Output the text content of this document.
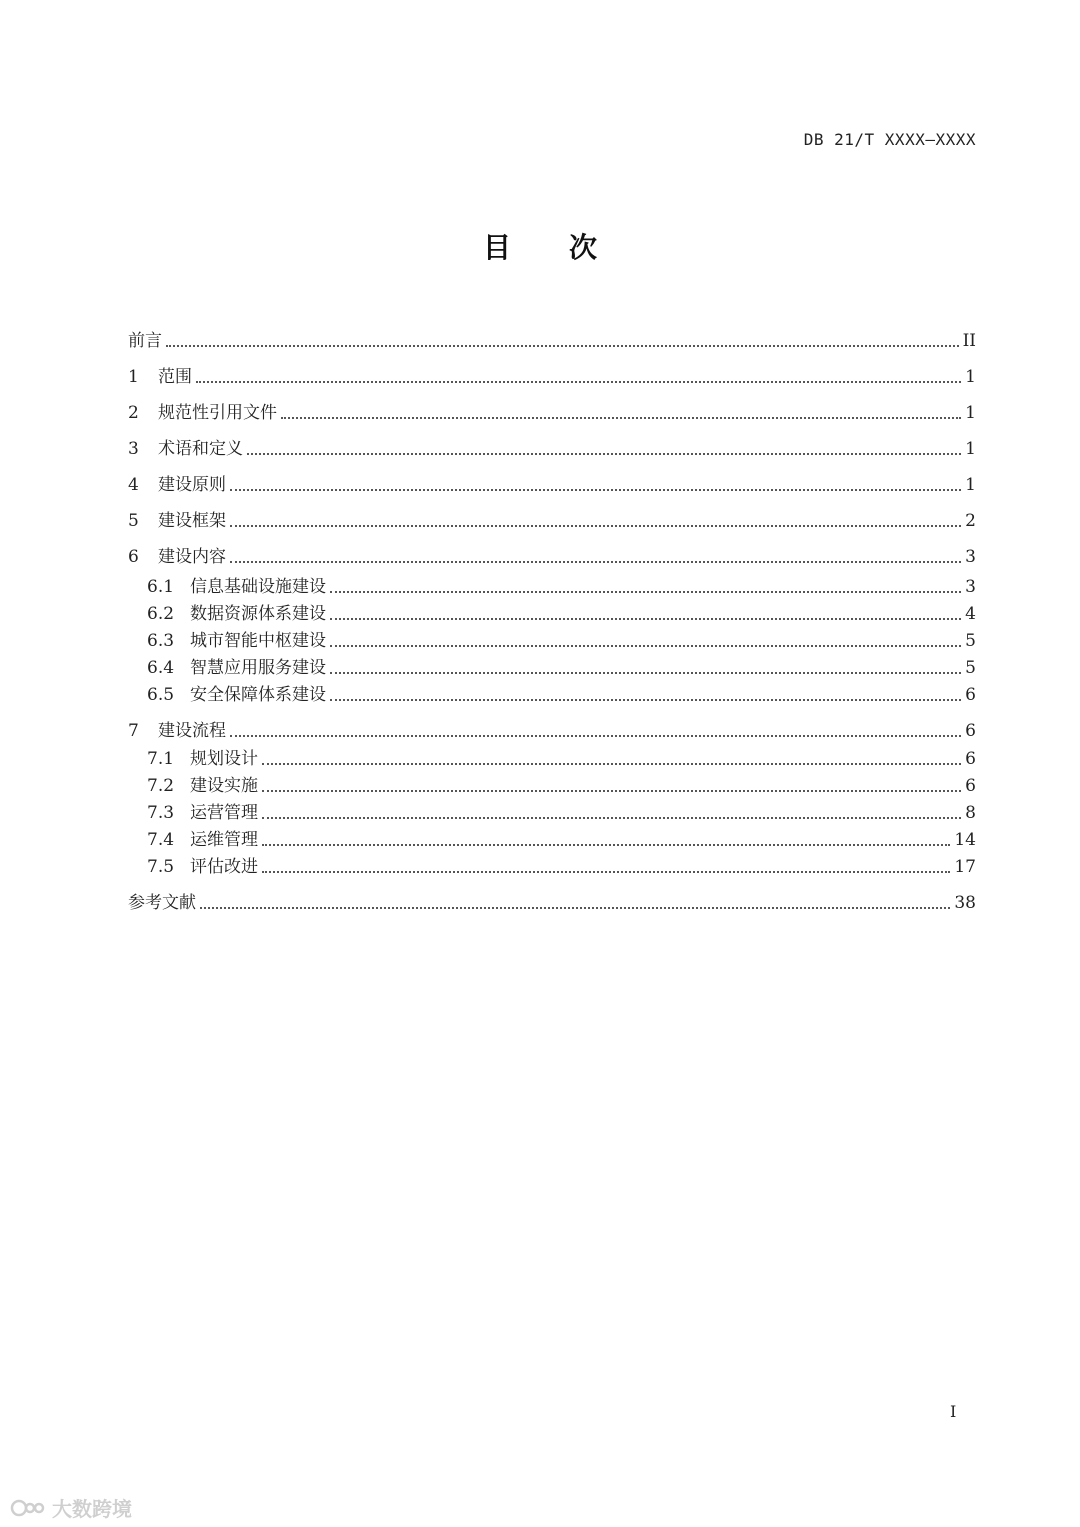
DB 21/T XXXX—XXXX
目次
前言	II
1	范围	1
2	规范性引用文件	1
3	术语和定义	1
4	建设原则	1
5	建设框架	2
6	建设内容	3
6.1 信息基础设施建设	3
6.2 数据资源体系建设	4
6.3 城市智能中枢建设	5
6.4 智慧应用服务建设	5
6.5 安全保障体系建设	6
7	建设流程	6
7.1 规划设计	6
7.2 建设实施	6
7.3 运营管理	8
7.4 运维管理	14
7.5 评估改进	17
参考文献	38
I
大数跨境
